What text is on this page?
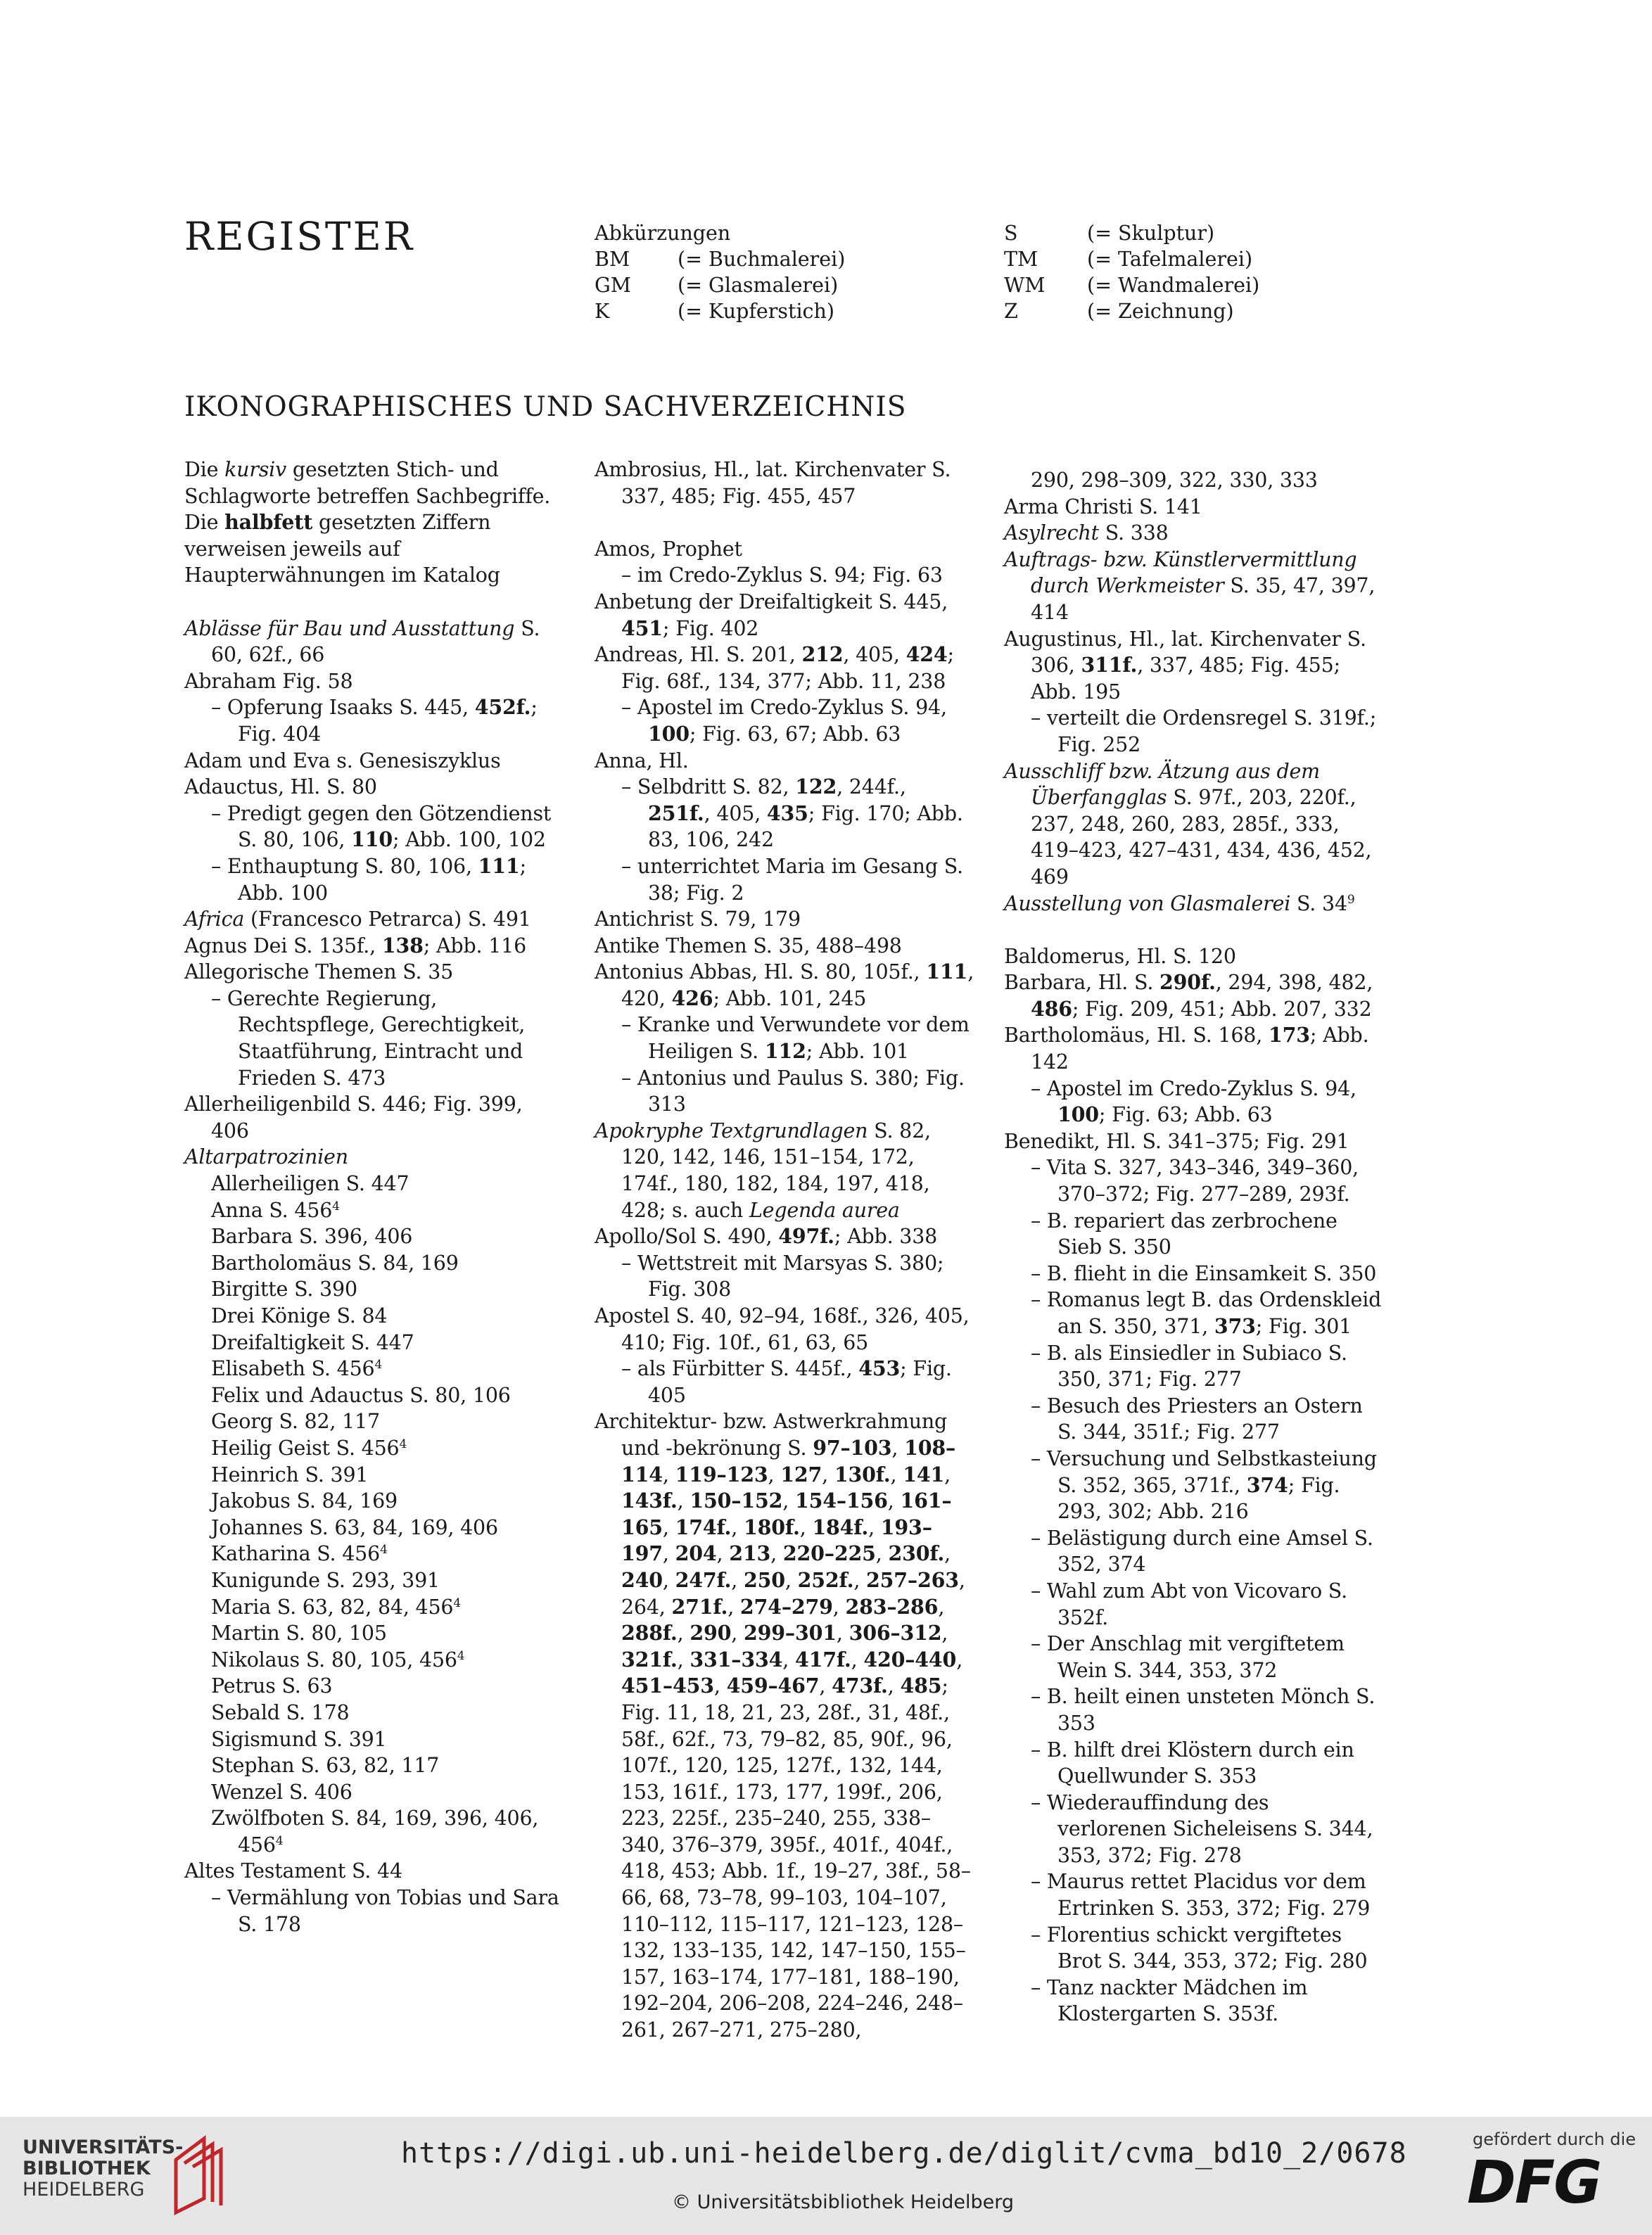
REGISTER	Abkürzungen
BM	(= Buchmalerei)
GM	(= Glasmalerei)
K	(= Kupferstich)
S	(= Skulptur)
TM	(= Tafelmalerei)
WM	(= Wandmalerei)
Z	(= Zeichnung)
IKONOGRAPHISCHES UND SACHVERZEICHNIS

Die kursiv gesetzten Stich- und Schlagworte betreffen Sachbegriffe. Die halbfett gesetzten Ziffern verweisen jeweils auf Haupterwähnungen im Katalog

Ablässe für Bau und Ausstattung S. 60, 62f., 66

Abraham Fig. 58

– Opferung Isaaks S. 445, 452f.; Fig. 404

Adam und Eva s. Genesiszyklus

Adauctus, Hl. S. 80

– Predigt gegen den Götzendienst S. 80, 106, 110; Abb. 100, 102

– Enthauptung S. 80, 106, 111; Abb. 100

Africa (Francesco Petrarca) S. 491

Agnus Dei S. 135f., 138; Abb. 116

Allegorische Themen S. 35

– Gerechte Regierung, Rechtspflege, Gerechtigkeit, Staatführung, Eintracht und Frieden S. 473

Allerheiligenbild S. 446; Fig. 399, 406

Altarpatrozinien

Allerheiligen S. 447

Anna S. $456^4$

Barbara S. 396, 406

Bartholomäus S. 84, 169

Birgitte S. 390

Drei Könige S. 84

Dreifaltigkeit S. 447

Elisabeth S. $456^4$

Felix und Adauctus S. 80, 106

Georg S. 82, 117

Heilig Geist S. $456^4$

Heinrich S. 391

Jakobus S. 84, 169

Johannes S. 63, 84, 169, 406

Katharina S. $456^4$

Kunigunde S. 293, 391

Maria S. 63, 82, 84, $456^4$

Martin S. 80, 105

Nikolaus S. 80, 105, $456^4$

Petrus S. 63

Sebald S. 178

Sigismund S. 391

Stephan S. 63, 82, 117

Wenzel S. 406

Zwölfboten S. 84, 169, 396, 406, $456^4$

Altes Testament S. 44

– Vermählung von Tobias und Sara S. 178

Ambrosius, Hl., lat. Kirchenvater S. 337, 485; Fig. 455, 457

Amos, Prophet

– im Credo-Zyklus S. 94; Fig. 63

Anbetung der Dreifaltigkeit S. 445, 451; Fig. 402

Andreas, Hl. S. 201, 212, 405, 424; Fig. 68f., 134, 377; Abb. 11, 238

– Apostel im Credo-Zyklus S. 94, 100; Fig. 63, 67; Abb. 63

Anna, Hl.

– Selbdritt S. 82, 122, 244f., 251f., 405, 435; Fig. 170; Abb. 83, 106, 242

– unterrichtet Maria im Gesang S. 38; Fig. 2

Antichrist S. 79, 179

Antike Themen S. 35, 488–498

Antonius Abbas, Hl. S. 80, 105f., 111, 420, 426; Abb. 101, 245

– Kranke und Verwundete vor dem Heiligen S. 112; Abb. 101

– Antonius und Paulus S. 380; Fig. 313

Apokryphe Textgrundlagen S. 82, 120, 142, 146, 151–154, 172, 174f., 180, 182, 184, 197, 418, 428; s. auch Legenda aurea

Apollo/Sol S. 490, 497f.; Abb. 338

– Wettstreit mit Marsyas S. 380; Fig. 308

Apostel S. 40, 92–94, 168f., 326, 405, 410; Fig. 10f., 61, 63, 65

– als Fürbitter S. 445f., 453; Fig. 405

Architektur- bzw. Astwerkrahmung und -bekrönung S. 97–103, 108–114, 119–123, 127, 130f., 141, 143f., 150–152, 154–156, 161–165, 174f., 180f., 184f., 193–197, 204, 213, 220–225, 230f., 240, 247f., 250, 252f., 257–263, 264, 271f., 274–279, 283–286, 288f., 290, 299–301, 306–312, 321f., 331–334, 417f., 420–440, 451–453, 459–467, 473f., 485; Fig. 11, 18, 21, 23, 28f., 31, 48f., 58f., 62f., 73, 79–82, 85, 90f., 96, 107f., 120, 125, 127f., 132, 144, 153, 161f., 173, 177, 199f., 206, 223, 225f., 235–240, 255, 338–340, 376–379, 395f., 401f., 404f., 418, 453; Abb. 1f., 19–27, 38f., 58–66, 68, 73–78, 99–103, 104–107, 110–112, 115–117, 121–123, 128–132, 133–135, 142, 147–150, 155–157, 163–174, 177–181, 188–190, 192–204, 206–208, 224–246, 248–261, 267–271, 275–280,

290, 298–309, 322, 330, 333

Arma Christi S. 141

Asylrecht S. 338

Auftrags- bzw. Künstlervermittlung durch Werkmeister S. 35, 47, 397, 414

Augustinus, Hl., lat. Kirchenvater S. 306, 311f., 337, 485; Fig. 455; Abb. 195

– verteilt die Ordensregel S. 319f.; Fig. 252

Ausschliff bzw. Ätzung aus dem Überfangglas S. 97f., 203, 220f., 237, 248, 260, 283, 285f., 333, 419–423, 427–431, 434, 436, 452, 469

Ausstellung von Glasmalerei S. $34^9$

Baldomerus, Hl. S. 120

Barbara, Hl. S. 290f., 294, 398, 482, 486; Fig. 209, 451; Abb. 207, 332

Bartholomäus, Hl. S. 168, 173; Abb. 142

– Apostel im Credo-Zyklus S. 94, 100; Fig. 63; Abb. 63

Benedikt, Hl. S. 341–375; Fig. 291

– Vita S. 327, 343–346, 349–360, 370–372; Fig. 277–289, 293f.

– B. repariert das zerbrochene Sieb S. 350

– B. flieht in die Einsamkeit S. 350

– Romanus legt B. das Ordenskleid an S. 350, 371, 373; Fig. 301

– B. als Einsiedler in Subiaco S. 350, 371; Fig. 277

– Besuch des Priesters an Ostern S. 344, 351f.; Fig. 277

– Versuchung und Selbstkasteiung S. 352, 365, 371f., 374; Fig. 293, 302; Abb. 216

– Belästigung durch eine Amsel S. 352, 374

– Wahl zum Abt von Vicovaro S. 352f.

– Der Anschlag mit vergiftetem Wein S. 344, 353, 372

– B. heilt einen unsteten Mönch S. 353

– B. hilft drei Klöstern durch ein Quellwunder S. 353

– Wiederauffindung des verlorenen Sicheleisens S. 344, 353, 372; Fig. 278

– Maurus rettet Placidus vor dem Ertrinken S. 353, 372; Fig. 279

– Florentius schickt vergiftetes Brot S. 344, 353, 372; Fig. 280

– Tanz nackter Mädchen im Klostergarten S. 353f.

UNIVERSITÄTS-
BIBLIOTHEK
HEIDELBERG
https://digi.ub.uni-heidelberg.de/diglit/cvma_bd10_2/0678
© Universitätsbibliothek Heidelberg
gefördert durch die
DFG
